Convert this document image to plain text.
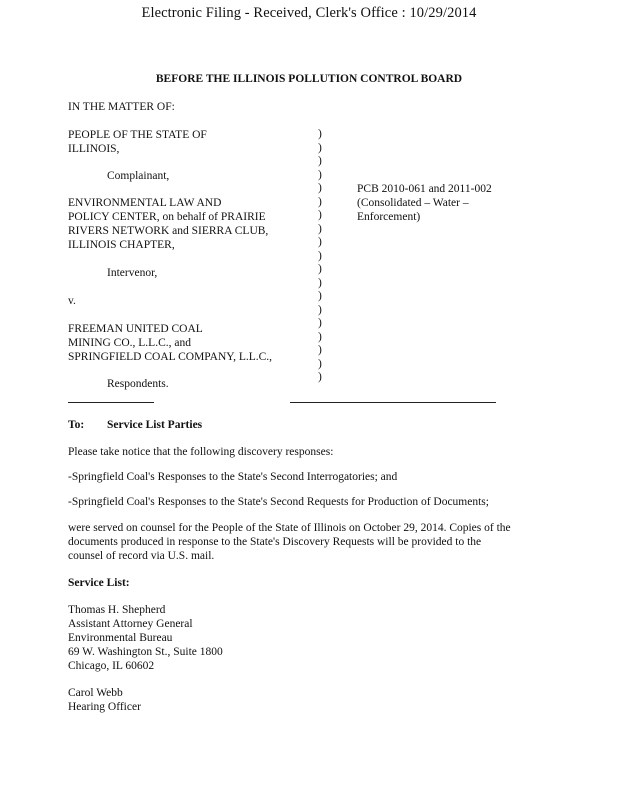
Electronic Filing - Received, Clerk's Office : 10/29/2014
BEFORE THE ILLINOIS POLLUTION CONTROL BOARD
IN THE MATTER OF:
PEOPLE OF THE STATE OF
ILLINOIS,
Complainant,
ENVIRONMENTAL LAW AND
POLICY CENTER, on behalf of PRAIRIE
RIVERS NETWORK and SIERRA CLUB,
ILLINOIS CHAPTER,
Intervenor,
v.
FREEMAN UNITED COAL
MINING CO., L.L.C., and
SPRINGFIELD COAL COMPANY, L.L.C.,
Respondents.
)
)
)
)
)
)
)
)
)
)
)
)
)
)
)
)
)
)
)
PCB 2010-061 and 2011-002
(Consolidated – Water –
Enforcement)
To: Service List Parties
Please take notice that the following discovery responses:
-Springfield Coal's Responses to the State's Second Interrogatories; and
-Springfield Coal's Responses to the State's Second Requests for Production of Documents;
were served on counsel for the People of the State of Illinois on October 29, 2014. Copies of the
documents produced in response to the State's Discovery Requests will be provided to the
counsel of record via U.S. mail.
Service List:
Thomas H. Shepherd
Assistant Attorney General
Environmental Bureau
69 W. Washington St., Suite 1800
Chicago, IL 60602
Carol Webb
Hearing Officer
